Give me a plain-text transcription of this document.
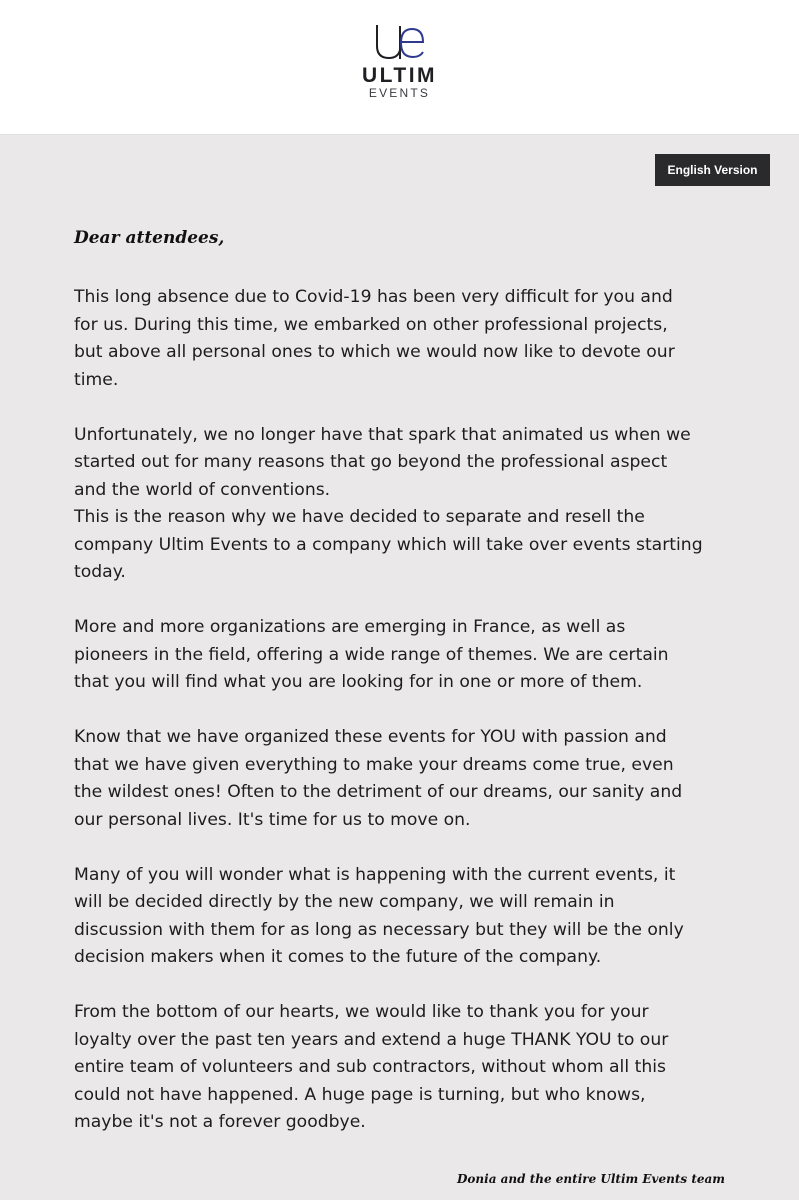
ULTIM
EVENTS
English Version
Dear attendees,

This long absence due to Covid-19 has been very difficult for you and
for us. During this time, we embarked on other professional projects,
but above all personal ones to which we would now like to devote our
time.

Unfortunately, we no longer have that spark that animated us when we
started out for many reasons that go beyond the professional aspect
and the world of conventions.
This is the reason why we have decided to separate and resell the
company Ultim Events to a company which will take over events starting
today.

More and more organizations are emerging in France, as well as
pioneers in the field, offering a wide range of themes. We are certain
that you will find what you are looking for in one or more of them.

Know that we have organized these events for YOU with passion and
that we have given everything to make your dreams come true, even
the wildest ones! Often to the detriment of our dreams, our sanity and
our personal lives. It's time for us to move on.

Many of you will wonder what is happening with the current events, it
will be decided directly by the new company, we will remain in
discussion with them for as long as necessary but they will be the only
decision makers when it comes to the future of the company.

From the bottom of our hearts, we would like to thank you for your
loyalty over the past ten years and extend a huge THANK YOU to our
entire team of volunteers and sub contractors, without whom all this
could not have happened. A huge page is turning, but who knows,
maybe it's not a forever goodbye.

Donia and the entire Ultim Events team
